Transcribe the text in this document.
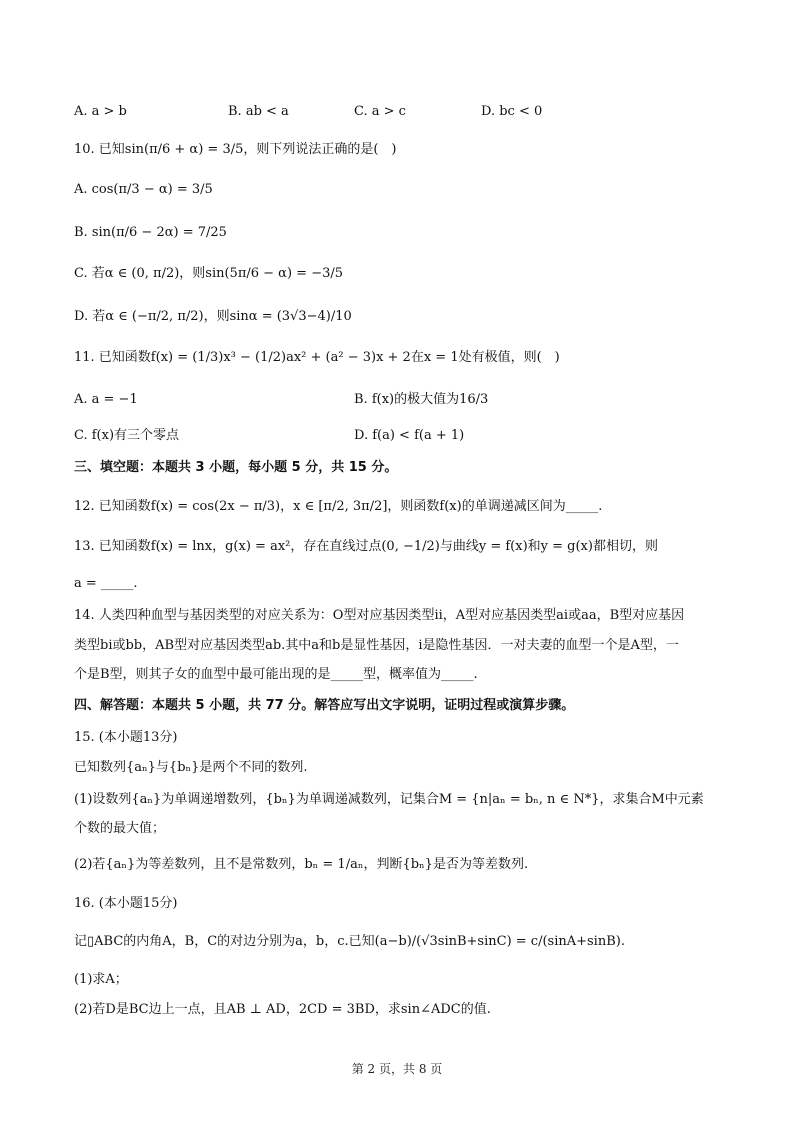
A. a > b	B. ab < a	C. a > c	D. bc < 0
10. 已知sin(π/6 + α) = 3/5，则下列说法正确的是(　)
A. cos(π/3 − α) = 3/5
B. sin(π/6 − 2α) = 7/25
C. 若α ∈ (0, π/2)，则sin(5π/6 − α) = −3/5
D. 若α ∈ (−π/2, π/2)，则sinα = (3√3−4)/10
11. 已知函数f(x) = (1/3)x³ − (1/2)ax² + (a² − 3)x + 2在x = 1处有极值，则(　)
A. a = −1	B. f(x)的极大值为16/3
C. f(x)有三个零点	D. f(a) < f(a + 1)
三、填空题：本题共 3 小题，每小题 5 分，共 15 分。
12. 已知函数f(x) = cos(2x − π/3)，x ∈ [π/2, 3π/2]，则函数f(x)的单调递减区间为_____.
13. 已知函数f(x) = lnx，g(x) = ax²，存在直线过点(0, −1/2)与曲线y = f(x)和y = g(x)都相切，则
a = _____.
14. 人类四种血型与基因类型的对应关系为：O型对应基因类型ii，A型对应基因类型ai或aa，B型对应基因
类型bi或bb，AB型对应基因类型ab.其中a和b是显性基因，i是隐性基因．一对夫妻的血型一个是A型，一
个是B型，则其子女的血型中最可能出现的是_____型，概率值为_____.
四、解答题：本题共 5 小题，共 77 分。解答应写出文字说明，证明过程或演算步骤。
15. (本小题13分)
已知数列{aₙ}与{bₙ}是两个不同的数列.
(1)设数列{aₙ}为单调递增数列，{bₙ}为单调递减数列，记集合M = {n|aₙ = bₙ, n ∈ N*}，求集合M中元素
个数的最大值；
(2)若{aₙ}为等差数列，且不是常数列，bₙ = 1/aₙ，判断{bₙ}是否为等差数列.
16. (本小题15分)
记▯ABC的内角A，B，C的对边分别为a，b，c.已知(a−b)/(√3sinB+sinC) = c/(sinA+sinB).
(1)求A；
(2)若D是BC边上一点，且AB ⊥ AD，2CD = 3BD，求sin∠ADC的值.
第 2 页，共 8 页
